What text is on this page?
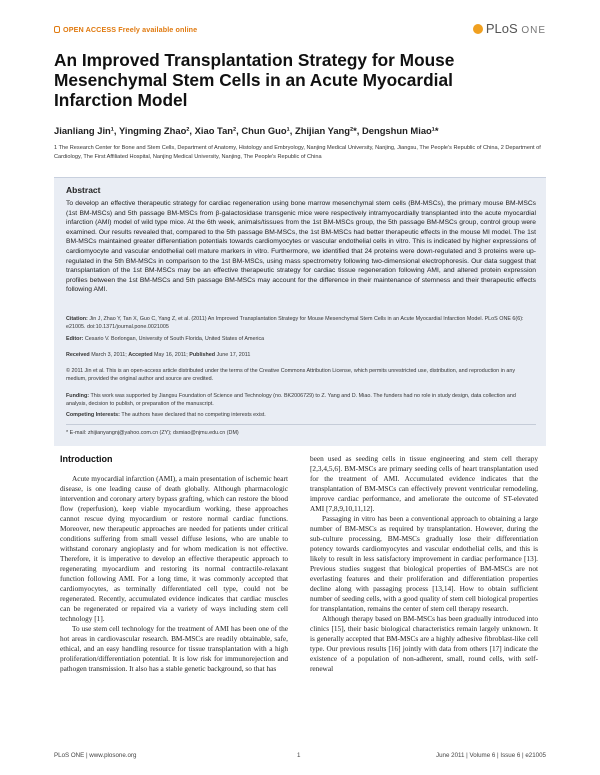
OPEN ACCESS Freely available online	PLoS ONE
An Improved Transplantation Strategy for Mouse Mesenchymal Stem Cells in an Acute Myocardial Infarction Model
Jianliang Jin¹, Yingming Zhao², Xiao Tan², Chun Guo¹, Zhijian Yang²*, Dengshun Miao¹*
1 The Research Center for Bone and Stem Cells, Department of Anatomy, Histology and Embryology, Nanjing Medical University, Nanjing, Jiangsu, The People's Republic of China, 2 Department of Cardiology, The First Affiliated Hospital, Nanjing Medical University, Nanjing, The People's Republic of China
Abstract
To develop an effective therapeutic strategy for cardiac regeneration using bone marrow mesenchymal stem cells (BM-MSCs), the primary mouse BM-MSCs (1st BM-MSCs) and 5th passage BM-MSCs from β-galactosidase transgenic mice were respectively intramyocardially transplanted into the acute myocardial infarction (AMI) model of wild type mice. At the 6th week, animals/tissues from the 1st BM-MSCs group, the 5th passage BM-MSCs group, control group were examined. Our results revealed that, compared to the 5th passage BM-MSCs, the 1st BM-MSCs had better therapeutic effects in the mouse MI model. The 1st BM-MSCs maintained greater differentiation potentials towards cardiomyocytes or vascular endothelial cells in vitro. This is indicated by higher expressions of cardiomyocyte and vascular endothelial cell mature markers in vitro. Furthermore, we identified that 24 proteins were down-regulated and 3 proteins were up-regulated in the 5th BM-MSCs in comparison to the 1st BM-MSCs, using mass spectrometry following two-dimensional electrophoresis. Our data suggest that transplantation of the 1st BM-MSCs may be an effective therapeutic strategy for cardiac tissue regeneration following AMI, and altered protein expression profiles between the 1st BM-MSCs and 5th passage BM-MSCs may account for the difference in their maintenance of stemness and their therapeutic effects following AMI.
Citation: Jin J, Zhao Y, Tan X, Guo C, Yang Z, et al. (2011) An Improved Transplantation Strategy for Mouse Mesenchymal Stem Cells in an Acute Myocardial Infarction Model. PLoS ONE 6(6): e21005. doi:10.1371/journal.pone.0021005
Editor: Cesario V. Borlongan, University of South Florida, United States of America
Received March 3, 2011; Accepted May 16, 2011; Published June 17, 2011
© 2011 Jin et al. This is an open-access article distributed under the terms of the Creative Commons Attribution License, which permits unrestricted use, distribution, and reproduction in any medium, provided the original author and source are credited.
Funding: This work was supported by Jiangsu Foundation of Science and Technology (no. BK2006729) to Z. Yang and D. Miao. The funders had no role in study design, data collection and analysis, decision to publish, or preparation of the manuscript.
Competing Interests: The authors have declared that no competing interests exist.
* E-mail: zhijianyangnj@yahoo.com.cn (ZY); dsmiao@njmu.edu.cn (DM)
Introduction

Acute myocardial infarction (AMI), a main presentation of ischemic heart disease, is one leading cause of death globally. Although pharmacologic intervention and coronary artery bypass grafting, which can restore the blood flow (reperfusion), keep viable myocardium working, these approaches cannot rescue dying myocardium or restore normal cardiac functions. Moreover, new therapeutic approaches are needed for patients under critical conditions suffering from small vessel diffuse lesions, who are unable to withstand coronary angioplasty and for whom medication is not effective. Therefore, it is imperative to develop an effective therapeutic approach to regenerating myocardium and restoring its normal contractile-relaxant function following AMI. For a long time, it was commonly accepted that cardiomyocytes, as terminally differentiated cell type, could not be regenerated. Recently, accumulated evidence indicates that cardiac muscles can be regenerated or repaired via a variety of ways including stem cell technology [1].

To use stem cell technology for the treatment of AMI has been one of the hot areas in cardiovascular research. BM-MSCs are readily obtainable, safe, ethical, and an easy handling resource for tissue transplantation with a high proliferation/differentiation potential. It is low risk for immunorejection and pathogen transmission. It also has a stable genetic background, so that has

been used as seeding cells in tissue engineering and stem cell therapy [2,3,4,5,6]. BM-MSCs are primary seeding cells of heart transplantation used for the treatment of AMI. Accumulated evidence indicates that the transplantation of BM-MSCs can effectively prevent ventricular remodeling, improve cardiac performance, and ameliorate the outcome of ST-elevated AMI [7,8,9,10,11,12].

Passaging in vitro has been a conventional approach to obtaining a large number of BM-MSCs as required by transplantation. However, during the sub-culture processing, BM-MSCs gradually lose their differentiation potency towards cardiomyocytes and vascular endothelial cells, and this is likely to result in less satisfactory improvement in cardiac performance [13]. Previous studies suggest that biological properties of BM-MSCs are not everlasting features and their proliferation and differentiation properties decline along with passaging process [13,14]. How to obtain sufficient number of seeding cells, with a good quality of stem cell biological properties for transplantation, remains the center of stem cell therapy research.

Although therapy based on BM-MSCs has been gradually introduced into clinics [15], their basic biological characteristics remain largely unknown. It is generally accepted that BM-MSCs are a highly adhesive fibroblast-like cell type. Our previous results [16] jointly with data from others [17] indicate the existence of a population of non-adherent, small, round cells, with self-renewal

PLoS ONE | www.plosone.org	1	June 2011 | Volume 6 | Issue 6 | e21005
